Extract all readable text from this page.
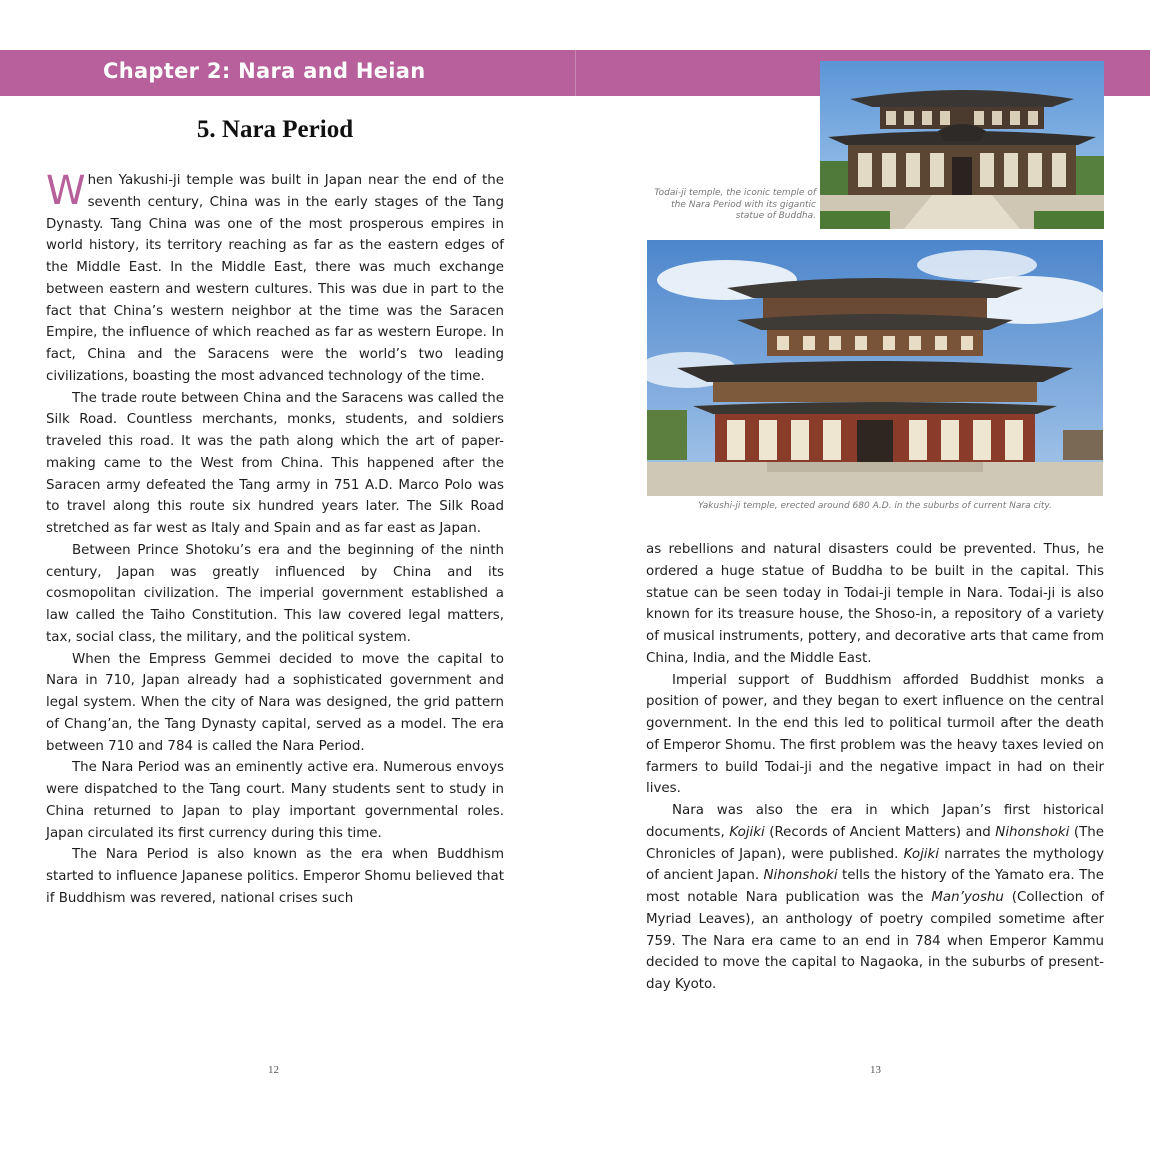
Chapter 2: Nara and Heian
5. Nara Period

When Yakushi-ji temple was built in Japan near the end of the seventh century, China was in the early stages of the Tang Dynasty. Tang China was one of the most prosperous empires in world history, its territory reaching as far as the eastern edges of the Middle East. In the Middle East, there was much exchange between eastern and western cultures. This was due in part to the fact that China’s western neighbor at the time was the Saracen Empire, the influence of which reached as far as western Europe. In fact, China and the Saracens were the world’s two leading civilizations, boasting the most advanced technology of the time.

The trade route between China and the Saracens was called the Silk Road. Countless merchants, monks, students, and soldiers traveled this road. It was the path along which the art of paper-making came to the West from China. This happened after the Saracen army defeated the Tang army in 751 A.D. Marco Polo was to travel along this route six hundred years later. The Silk Road stretched as far west as Italy and Spain and as far east as Japan.

Between Prince Shotoku’s era and the beginning of the ninth century, Japan was greatly influenced by China and its cosmopolitan civilization. The imperial government established a law called the Taiho Constitution. This law covered legal matters, tax, social class, the military, and the political system.

When the Empress Gemmei decided to move the capital to Nara in 710, Japan already had a sophisticated government and legal system. When the city of Nara was designed, the grid pattern of Chang’an, the Tang Dynasty capital, served as a model. The era between 710 and 784 is called the Nara Period.

The Nara Period was an eminently active era. Numerous envoys were dispatched to the Tang court. Many students sent to study in China returned to Japan to play important governmental roles. Japan circulated its first currency during this time.

The Nara Period is also known as the era when Buddhism started to influence Japanese politics. Emperor Shomu believed that if Buddhism was revered, national crises such

Todai-ji temple, the iconic temple of the Nara Period with its gigantic statue of Buddha.
Yakushi-ji temple, erected around 680 A.D. in the suburbs of current Nara city.

as rebellions and natural disasters could be prevented. Thus, he ordered a huge statue of Buddha to be built in the capital. This statue can be seen today in Todai-ji temple in Nara. Todai-ji is also known for its treasure house, the Shoso-in, a repository of a variety of musical instruments, pottery, and decorative arts that came from China, India, and the Middle East.

Imperial support of Buddhism afforded Buddhist monks a position of power, and they began to exert influence on the central government. In the end this led to political turmoil after the death of Emperor Shomu. The first problem was the heavy taxes levied on farmers to build Todai-ji and the negative impact in had on their lives.

Nara was also the era in which Japan’s first historical documents, Kojiki (Records of Ancient Matters) and Nihonshoki (The Chronicles of Japan), were published. Kojiki narrates the mythology of ancient Japan. Nihonshoki tells the history of the Yamato era. The most notable Nara publication was the Man’yoshu (Collection of Myriad Leaves), an anthology of poetry compiled sometime after 759. The Nara era came to an end in 784 when Emperor Kammu decided to move the capital to Nagaoka, in the suburbs of present-day Kyoto.

12	13
